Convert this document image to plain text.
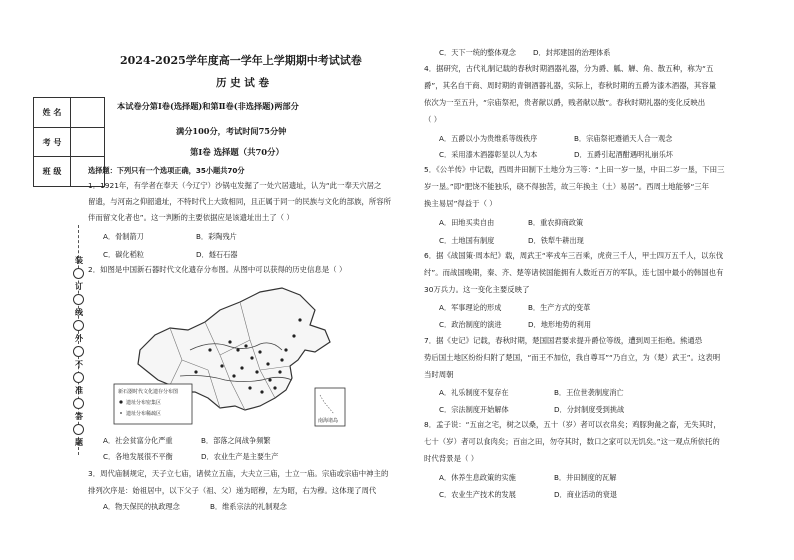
装
订
线
外
不
准
答
题
姓 名
考 号
班 级
2024-2025学年度高一学年上学期期中考试试卷
历 史 试 卷
本试卷分第Ⅰ卷(选择题)和第Ⅱ卷(非选择题)两部分
满分100分，考试时间75分钟
第Ⅰ卷 选择题（共70分）
选择题：下列只有一个选项正确，35小题共70分
1．1921年，有学者在奉天（今辽宁）沙锅屯发掘了一处穴居遗址，认为“此一奉天穴居之
留遗，与河南之仰韶遗址，不特时代上大致相同，且正属于同一的民族与文化的部族，所容所
伴而留文化者也”。这一判断的主要依据应是该遗址出土了（ ）
A．骨制箭刀	B．彩陶残片
C．碳化稻粒	D．燧石石器
2．如图是中国新石器时代文化遗存分布图。从图中可以获得的历史信息是（ ）
新石器时代文化遗存分布图
遗址分布密集区
遗址分布稀疏区
南海诸岛
A．社会贫富分化严重	B．部落之间战争频繁
C．各地发展很不平衡	D．农业生产是主要生产
3．周代庙制规定，天子立七庙，诸侯立五庙，大夫立三庙，士立一庙。宗庙或宗庙中神主的
排列次序是：始祖居中，以下父子（祖、父）递为昭穆，左为昭，右为穆。这体现了周代
A．物天保民的执政理念	B．维系宗法的礼制观念
C．天下一统的整体观念 D．封邦建国的治理体系
4．据研究，古代礼制记载的春秋时期酒器礼器，分为爵、觚、觯、角、散五种，称为“五
爵”，其名自干商、周时期的青铜酒器礼器，实际上，春秋时期的五爵为漆木酒器，其容量
依次为一至五升，“宗庙祭祀，贵者献以爵，贱者献以散”。春秋时期礼器的变化反映出
（ ）
A．五爵以小为贵维系等级秩序	B．宗庙祭祀遵循天人合一观念
C．采用漆木酒器彰显以人为本	D．五爵引起酒酣遇明礼崩乐坏
5．《公羊传》中记载，西周井田制下土地分为三等：“上田一岁一垦，中田二岁一垦，下田三
岁一垦。”即“肥饶不能独乐，硗不得独苦，故三年换主（土）易居”。西周土地能够“三年
换主易居”得益于（ ）
A．田地买卖自由	B．重农抑商政策
C．土地国有制度	D．铁犁牛耕出现
6．据《战国策·周本纪》载，周武王“率戎车三百乘，虎贲三千人，甲士四万五千人，以东伐
纣”。而战国晚期，秦、齐、楚等诸侯国能拥有人数近百万的军队，连七国中最小的韩国也有
30万兵力。这一变化主要反映了
A．军事理论的形成	B．生产方式的变革
C．政治制度的演进	D．地形地势的利用
7．据《史记》记载，春秋时期，楚国国君要求提升爵位等级，遭到周王拒绝。熊通恐
势后国土地区纷纷归附了楚国，“而王不加位，我自尊耳”“乃自立，为（楚）武王”。这表明
当时周朝
A．礼乐制度不复存在	B．王位世袭制度消亡
C．宗法制度开始解体	D．分封制度受到挑战
8．孟子说：“五亩之宅，树之以桑，五十（岁）者可以衣帛矣；鸡豚狗彘之畜，无失其时，
七十（岁）者可以食肉矣；百亩之田，勿夺其时，数口之家可以无饥矣。”这一观点所依托的
时代背景是（ ）
A．休养生息政策的实施	B．井田制度的瓦解
C．农业生产技术的发展	D．商业活动的衰退
